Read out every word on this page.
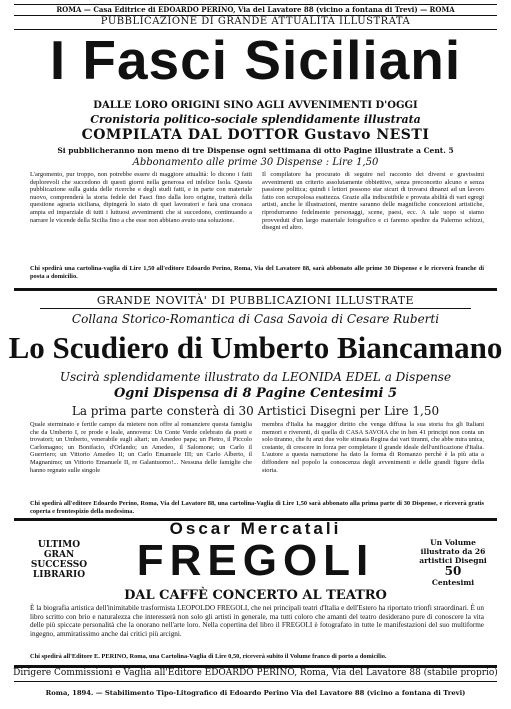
ROMA — Casa Editrice di EDOARDO PERINO, Via del Lavatore 88 (vicino a fontana di Trevi) — ROMA
PUBBLICAZIONE DI GRANDE ATTUALITÀ ILLUSTRATA
I Fasci Siciliani
DALLE LORO ORIGINI SINO AGLI AVVENIMENTI D'OGGI
Cronistoria politico-sociale splendidamente illustrata
COMPILATA DAL DOTTOR Gustavo NESTI
Si pubblicheranno non meno di tre Dispense ogni settimana di otto Pagine illustrate a Cent. 5
Abbonamento alle prime 30 Dispense : Lire 1,50
L'argomento, pur troppo, non potrebbe essere di maggiore attualità: lo dicono i fatti deplorevoli che succedono di questi giorni nella generosa ed infelice Isola. Questa pubblicazione sulla guida delle ricerche e degli studi fatti, e in parte con materiale nuovo, comprenderà la storia fedele dei Fasci fino dalla loro origine, tratterà della questione agraria siciliana, dipingerà lo stato di quei lavoratori e farà una cronaca ampia ed imparziale di tutti i luttuosi avvenimenti che si succedono, continuando a narrare le vicende della Sicilia fino a che esse non abbiano avuto una soluzione.
Il compilatore ha procurato di seguire nel racconto dei diversi e gravissimi avvenimenti un criterio assolutamente obbiettivo, senza preconcetto alcuno e senza passione politica; quindi i lettori possono star sicuri di trovarsi dinanzi ad un lavoro fatto con scrupolosa esattezza. Grazie alla indiscutibile e provata abilità di vari egregi artisti, anche le illustrazioni, mentre saranno delle magnifiche concezioni artistiche, riprodurranno fedelmente personaggi, scene, paesi, ecc. A tale uopo si siamo provveduti d'un largo materiale fotografico e ci faremo spedire da Palermo schizzi, disegni ed altro.
Chi spedirà una cartolina-vaglia di Lire 1,50 all'editore Edoardo Perino, Roma, Via del Lavatore 88, sarà abbonato alle prime 30 Dispense e le riceverà franche di posta a domicilio.
GRANDE NOVITÀ' DI PUBBLICAZIONI ILLUSTRATE
Collana Storico-Romantica di Casa Savoia di Cesare Ruberti
Lo Scudiero di Umberto Biancamano
Uscirà splendidamente illustrato da LEONIDA EDEL a Dispense
Ogni Dispensa di 8 Pagine Centesimi 5
La prima parte consterà di 30 Artistici Disegni per Lire 1,50
Quale sterminato e fertile campo da mietere non offre al romanziere questa famiglia che da Umberto I, re prode e leale, annovera: Un Conte Verde celebrato da poeti e trovatori; un Umberto, venerabile sugli altari; un Amedeo papa; un Pietro, il Piccolo Carlomagno; un Bonifacio, d'Orlando; un Amedeo, il Salomone; un Carlo il Guerriero; un Vittorio Amedeo II; un Carlo Emanuele III; un Carlo Alberto, il Magnanimo; un Vittorio Emanuele II, re Galantuomo!... Nessuna delle famiglie che hanno regnato sulle singole
membra d'Italia ha maggior diritto che venga diffusa la sua storia fra gli Italiani memori e riverenti, di quella di CASA SAVOIA che in ben 41 principi non conta un solo tiranno, che fu anzi due volte stimata Regina dai vari tiranni, che abbe mira unica, costante, di crescere in forza per completare il grande ideale dell'unificazione d'Italia. L'autore a questa narrazione ha dato la forma di Romanzo perchè è la più atta a diffondere nel popolo la conoscenza degli avvenimenti e delle grandi figure della storia.
Chi spedirà all'editore Edoardo Perino, Roma, Via del Lavatore 88, una cartolina-Vaglia di Lire 1,50 sarà abbonato alla prima parte di 30 Dispense, e riceverà gratis coperta e frontespizio della medesima.
Oscar Mercatali
ULTIMO
GRAN
SUCCESSO
LIBRARIO	FREGOLI	Un Volume
illustrato da 26
artistici Disegni
50
Centesimi
DAL CAFFÈ CONCERTO AL TEATRO
È la biografia artistica dell'inimitabile trasformista LEOPOLDO FREGOLI, che nei principali teatri d'Italia e dell'Estero ha riportato trionfi straordinari. È un libro scritto con brio e naturalezza che interesserà non solo gli artisti in generale, ma tutti coloro che amanti del teatro desiderano pure di conoscere la vita delle più spiccate personalità che la onorano nell'arte loro. Nella copertina del libro il FREGOLI è fotografato in tutte le manifestazioni del suo multiforme ingegno, ammiratissimo anche dai critici più arcigni.
Chi spedirà all'Editore E. PERINO, Roma, una Cartolina-Vaglia di Lire 0,50, riceverà subito il Volume franco di porto a domicilio.
Dirigere Commissioni e Vaglia all'Editore EDOARDO PERINO, Roma, Via del Lavatore 88 (stabile proprio)
Roma, 1894. — Stabilimento Tipo-Litografico di Edoardo Perino Via del Lavatore 88 (vicino a fontana di Trevi)
